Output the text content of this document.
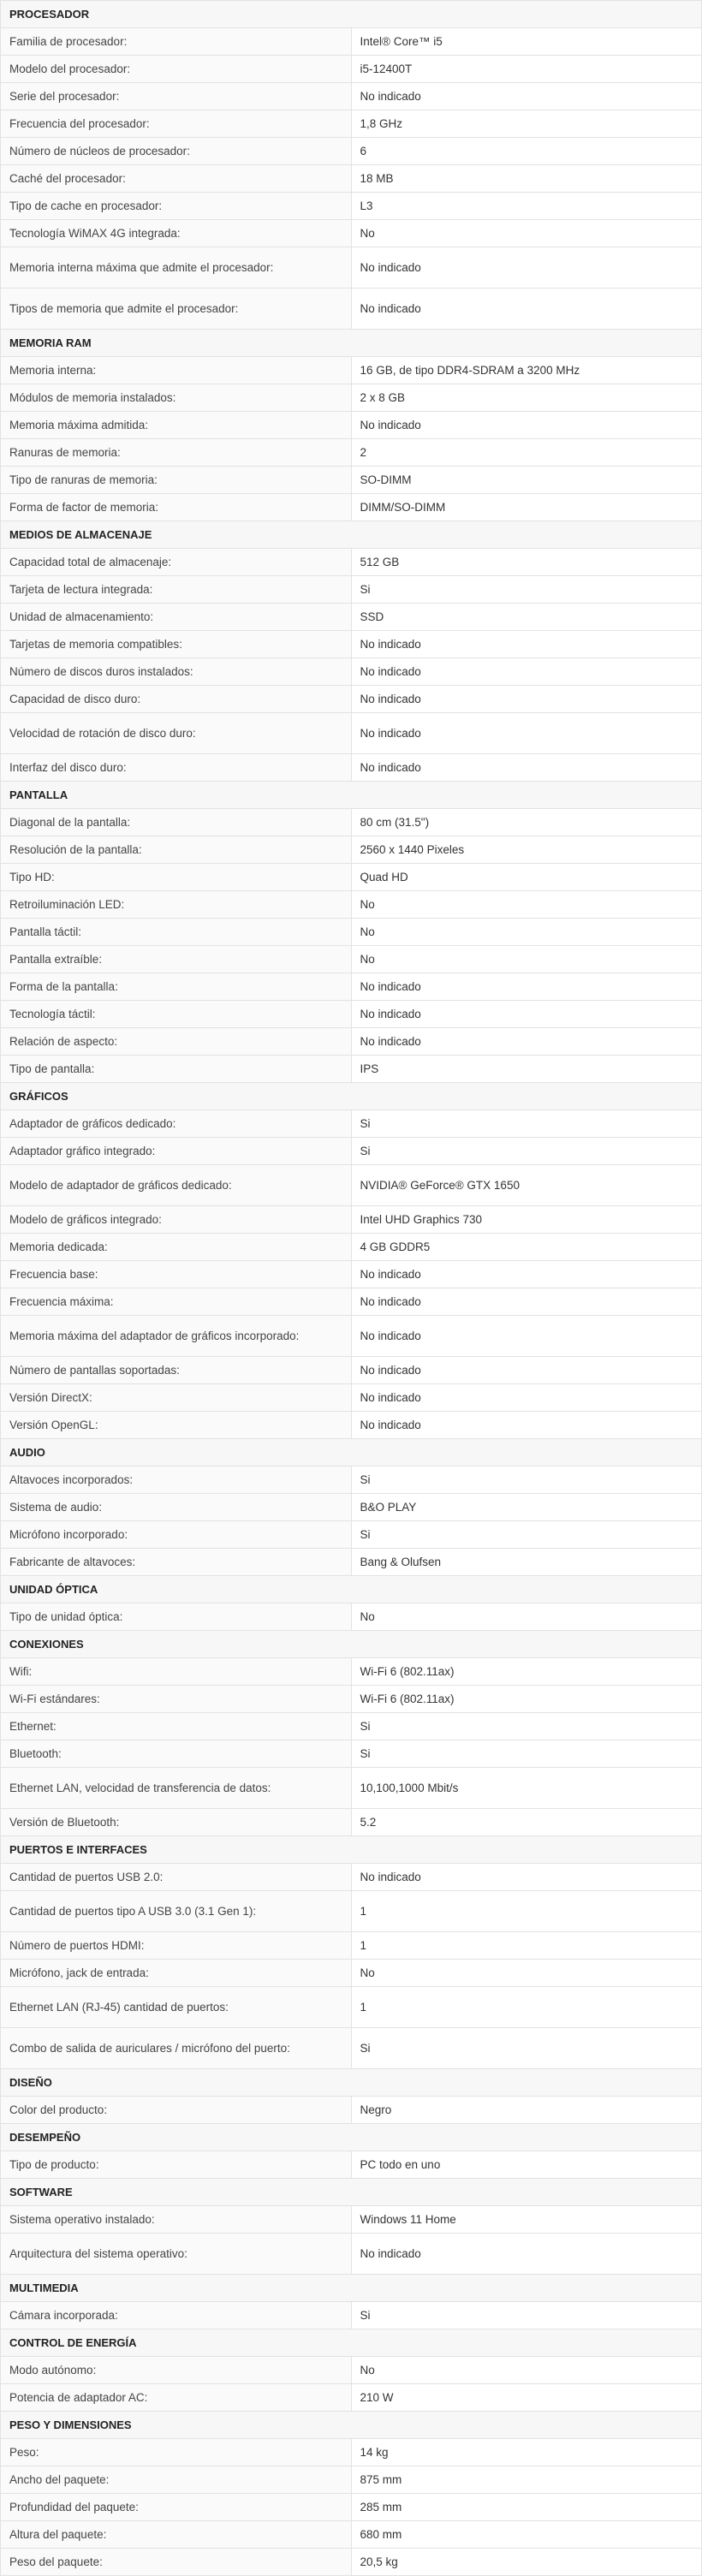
PROCESADOR	
Familia de procesador:	Intel® Core™ i5
Modelo del procesador:	i5-12400T
Serie del procesador:	No indicado
Frecuencia del procesador:	1,8 GHz
Número de núcleos de procesador:	6
Caché del procesador:	18 MB
Tipo de cache en procesador:	L3
Tecnología WiMAX 4G integrada:	No
Memoria interna máxima que admite el procesador:	No indicado
Tipos de memoria que admite el procesador:	No indicado
MEMORIA RAM	
Memoria interna:	16 GB, de tipo DDR4-SDRAM a 3200 MHz
Módulos de memoria instalados:	2 x 8 GB
Memoria máxima admitida:	No indicado
Ranuras de memoria:	2
Tipo de ranuras de memoria:	SO-DIMM
Forma de factor de memoria:	DIMM/SO-DIMM
MEDIOS DE ALMACENAJE	
Capacidad total de almacenaje:	512 GB
Tarjeta de lectura integrada:	Si
Unidad de almacenamiento:	SSD
Tarjetas de memoria compatibles:	No indicado
Número de discos duros instalados:	No indicado
Capacidad de disco duro:	No indicado
Velocidad de rotación de disco duro:	No indicado
Interfaz del disco duro:	No indicado
PANTALLA	
Diagonal de la pantalla:	80 cm (31.5")
Resolución de la pantalla:	2560 x 1440 Pixeles
Tipo HD:	Quad HD
Retroiluminación LED:	No
Pantalla táctil:	No
Pantalla extraíble:	No
Forma de la pantalla:	No indicado
Tecnología táctil:	No indicado
Relación de aspecto:	No indicado
Tipo de pantalla:	IPS
GRÁFICOS	
Adaptador de gráficos dedicado:	Si
Adaptador gráfico integrado:	Si
Modelo de adaptador de gráficos dedicado:	NVIDIA® GeForce® GTX 1650
Modelo de gráficos integrado:	Intel UHD Graphics 730
Memoria dedicada:	4 GB GDDR5
Frecuencia base:	No indicado
Frecuencia máxima:	No indicado
Memoria máxima del adaptador de gráficos incorporado:	No indicado
Número de pantallas soportadas:	No indicado
Versión DirectX:	No indicado
Versión OpenGL:	No indicado
AUDIO	
Altavoces incorporados:	Si
Sistema de audio:	B&O PLAY
Micrófono incorporado:	Si
Fabricante de altavoces:	Bang & Olufsen
UNIDAD ÓPTICA	
Tipo de unidad óptica:	No
CONEXIONES	
Wifi:	Wi-Fi 6 (802.11ax)
Wi-Fi estándares:	Wi-Fi 6 (802.11ax)
Ethernet:	Si
Bluetooth:	Si
Ethernet LAN, velocidad de transferencia de datos:	10,100,1000 Mbit/s
Versión de Bluetooth:	5.2
PUERTOS E INTERFACES	
Cantidad de puertos USB 2.0:	No indicado
Cantidad de puertos tipo A USB 3.0 (3.1 Gen 1):	1
Número de puertos HDMI:	1
Micrófono, jack de entrada:	No
Ethernet LAN (RJ-45) cantidad de puertos:	1
Combo de salida de auriculares / micrófono del puerto:	Si
DISEÑO	
Color del producto:	Negro
DESEMPEÑO	
Tipo de producto:	PC todo en uno
SOFTWARE	
Sistema operativo instalado:	Windows 11 Home
Arquitectura del sistema operativo:	No indicado
MULTIMEDIA	
Cámara incorporada:	Si
CONTROL DE ENERGÍA	
Modo autónomo:	No
Potencia de adaptador AC:	210 W
PESO Y DIMENSIONES	
Peso:	14 kg
Ancho del paquete:	875 mm
Profundidad del paquete:	285 mm
Altura del paquete:	680 mm
Peso del paquete:	20,5 kg
